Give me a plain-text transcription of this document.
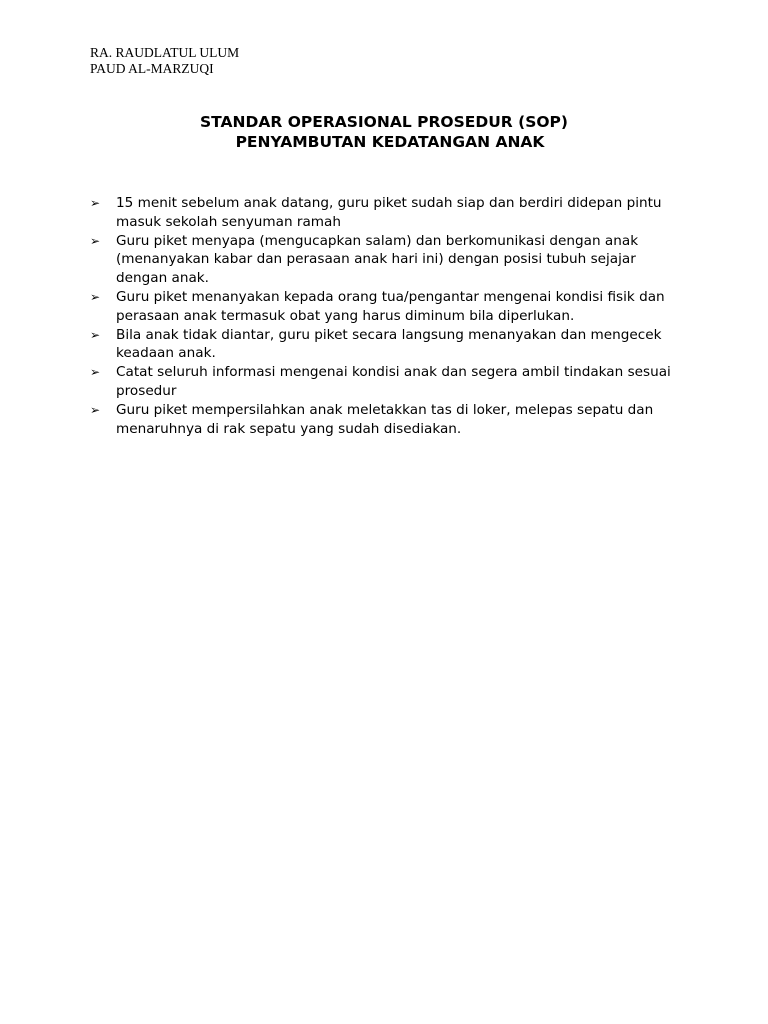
RA. RAUDLATUL ULUM
PAUD AL-MARZUQI
STANDAR OPERASIONAL PROSEDUR (SOP)
PENYAMBUTAN KEDATANGAN ANAK
➢ 15 menit sebelum anak datang, guru piket sudah siap dan berdiri didepan pintu masuk sekolah senyuman ramah
➢ Guru piket menyapa (mengucapkan salam) dan berkomunikasi dengan anak (menanyakan kabar dan perasaan anak hari ini) dengan posisi tubuh sejajar dengan anak.
➢ Guru piket menanyakan kepada orang tua/pengantar mengenai kondisi fisik dan perasaan anak termasuk obat yang harus diminum bila diperlukan.
➢ Bila anak tidak diantar, guru piket secara langsung menanyakan dan mengecek keadaan anak.
➢ Catat seluruh informasi mengenai kondisi anak dan segera ambil tindakan sesuai prosedur
➢ Guru piket mempersilahkan anak meletakkan tas di loker, melepas sepatu dan menaruhnya di rak sepatu yang sudah disediakan.
